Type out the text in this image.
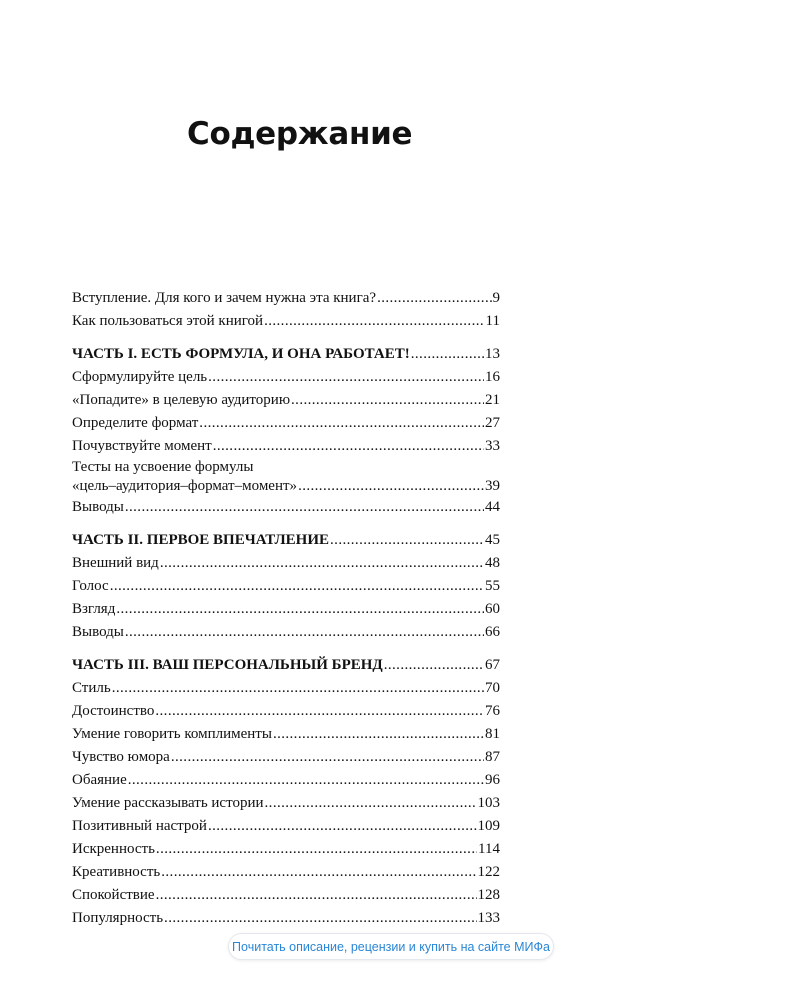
Содержание
Вступление. Для кого и зачем нужна эта книга? .....	9
Как пользоваться этой книгой .....	11
ЧАСТЬ I. ЕСТЬ ФОРМУЛА, И ОНА РАБОТАЕТ! .....	13
Сформулируйте цель .....	16
«Попадите» в целевую аудиторию .....	21
Определите формат .....	27
Почувствуйте момент .....	33
Тесты на усвоение формулы
«цель–аудитория–формат–момент» .....	39
Выводы .....	44
ЧАСТЬ II. ПЕРВОЕ ВПЕЧАТЛЕНИЕ .....	45
Внешний вид .....	48
Голос .....	55
Взгляд .....	60
Выводы .....	66
ЧАСТЬ III. ВАШ ПЕРСОНАЛЬНЫЙ БРЕНД .....	67
Стиль .....	70
Достоинство .....	76
Умение говорить комплименты .....	81
Чувство юмора .....	87
Обаяние .....	96
Умение рассказывать истории .....	103
Позитивный настрой .....	109
Искренность .....	114
Креативность .....	122
Спокойствие .....	128
Популярность .....	133
Почитать описание, рецензии и купить на сайте МИФа
